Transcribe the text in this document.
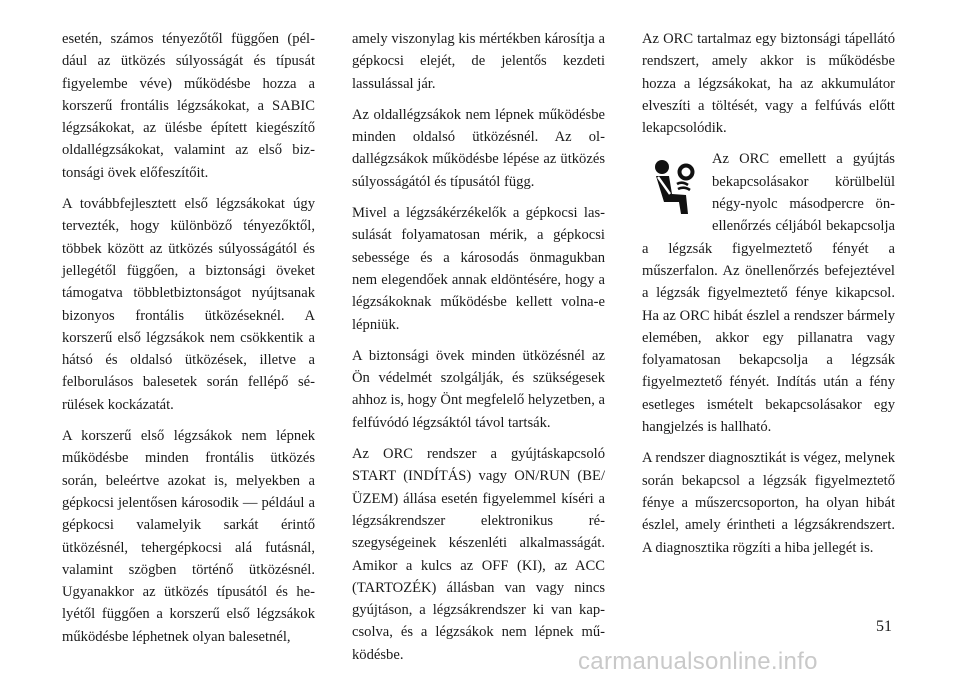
esetén, számos tényezőtől függően (például az ütközés súlyosságát és típusát figyelembe véve) működésbe hozza a korszerű frontális légzsákokat, a SABIC légzsákokat, az ülésbe épített kiegészítő oldallégzsákokat, valamint az első biztonsági övek előfeszítőit.

A továbbfejlesztett első légzsákokat úgy tervezték, hogy különböző tényezőktől, többek között az ütközés súlyosságától és jellegétől függően, a biztonsági öveket támogatva többletbiztonságot nyújtsanak bizonyos frontális ütközéseknél. A korszerű első légzsákok nem csökkentik a hátsó és oldalsó ütközések, illetve a felborulásos balesetek során fellépő sérülések kockázatát.

A korszerű első légzsákok nem lépnek működésbe minden frontális ütközés során, beleértve azokat is, melyekben a gépkocsi jelentősen károsodik — például a gépkocsi valamelyik sarkát érintő ütközésnél, tehergépkocsi alá futásnál, valamint szögben történő ütközésnél. Ugyanakkor az ütközés típusától és helyétől függően a korszerű első légzsákok működésbe léphetnek olyan balesetnél,

amely viszonylag kis mértékben károsítja a gépkocsi elejét, de jelentős kezdeti lassulással jár.

Az oldallégzsákok nem lépnek működésbe minden oldalsó ütközésnél. Az oldallégzsákok működésbe lépése az ütközés súlyosságától és típusától függ.

Mivel a légzsákérzékelők a gépkocsi lassulását folyamatosan mérik, a gépkocsi sebessége és a károsodás önmagukban nem elegendőek annak eldöntésére, hogy a légzsákoknak működésbe kellett volna-e lépniük.

A biztonsági övek minden ütközésnél az Ön védelmét szolgálják, és szükségesek ahhoz is, hogy Önt megfelelő helyzetben, a felfúvódó légzsáktól távol tartsák.

Az ORC rendszer a gyújtáskapcsoló START (INDÍTÁS) vagy ON/RUN (BE/ÜZEM) állása esetén figyelemmel kíséri a légzsákrendszer elektronikus részegységeinek készenléti alkalmasságát. Amikor a kulcs az OFF (KI), az ACC (TARTOZÉK) állásban van vagy nincs gyújtáson, a légzsákrendszer ki van kapcsolva, és a légzsákok nem lépnek működésbe.

Az ORC tartalmaz egy biztonsági tápellátó rendszert, amely akkor is működésbe hozza a légzsákokat, ha az akkumulátor elveszíti a töltését, vagy a felfúvás előtt lekapcsolódik.

Az ORC emellett a gyújtás bekapcsolásakor körülbelül négy-nyolc másodpercre önellenőrzés céljából bekapcsolja a légzsák figyelmeztető fényét a műszerfalon. Az önellenőrzés befejeztével a légzsák figyelmeztető fénye kikapcsol. Ha az ORC hibát észlel a rendszer bármely elemében, akkor egy pillanatra vagy folyamatosan bekapcsolja a légzsák figyelmeztető fényét. Indítás után a fény esetleges ismételt bekapcsolásakor egy hangjelzés is hallható.

A rendszer diagnosztikát is végez, melynek során bekapcsol a légzsák figyelmeztető fénye a műszercsoporton, ha olyan hibát észlel, amely érintheti a légzsákrendszert. A diagnosztika rögzíti a hiba jellegét is.

51
carmanualsonline.info
